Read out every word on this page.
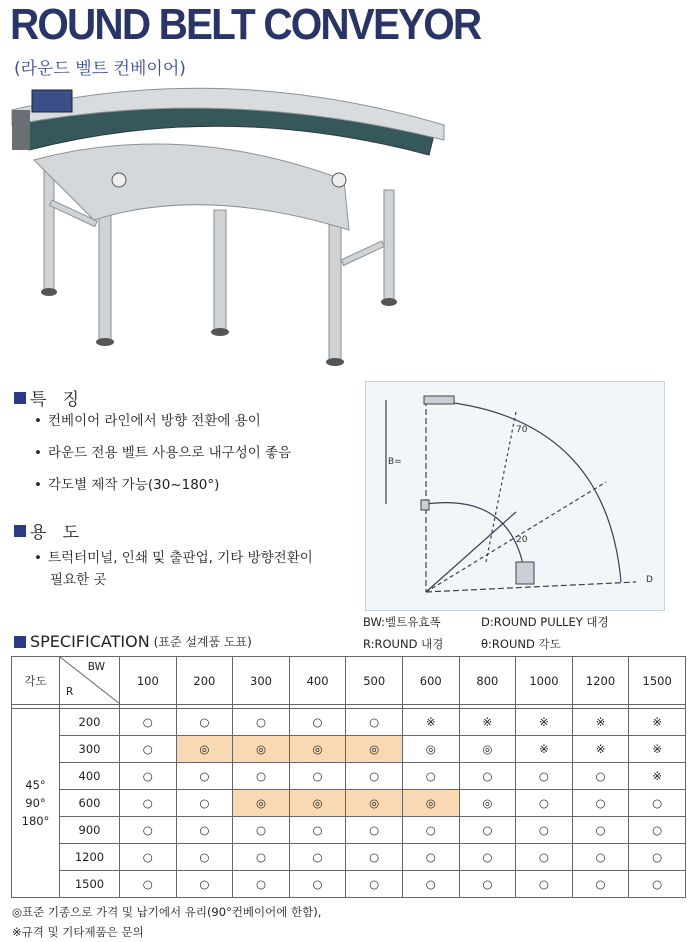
ROUND BELT CONVEYOR
(라운드 벨트 컨베이어)
특   징
• 컨베이어 라인에서 방향 전환에 용이
• 라운드 전용 벨트 사용으로 내구성이 좋음
• 각도별 제작 가능(30~180°)
용   도
• 트럭터미널, 인쇄 및 출판업, 기타 방향전환이
필요한 곳
B=
70
20
D
BW:벨트유효폭	D:ROUND PULLEY 대경
R:ROUND 내경	θ:ROUND 각도
SPECIFICATION (표준 설계품 도표)
각도	BW
R	100	200	300	400	500	600	800	1000	1200	1500

45°
90°
180°	200	○	○	○	○	○	※	※	※	※	※
	300	○	◎	◎	◎	◎	◎	◎	※	※	※
	400	○	○	○	○	○	○	○	○	○	※
	600	○	○	◎	◎	◎	◎	◎	○	○	○
	900	○	○	○	○	○	○	○	○	○	○
	1200	○	○	○	○	○	○	○	○	○	○
	1500	○	○	○	○	○	○	○	○	○	○
◎표준 기종으로 가격 및 납기에서 유리(90°컨베이어에 한함),
※규격 및 기타제품은 문의
